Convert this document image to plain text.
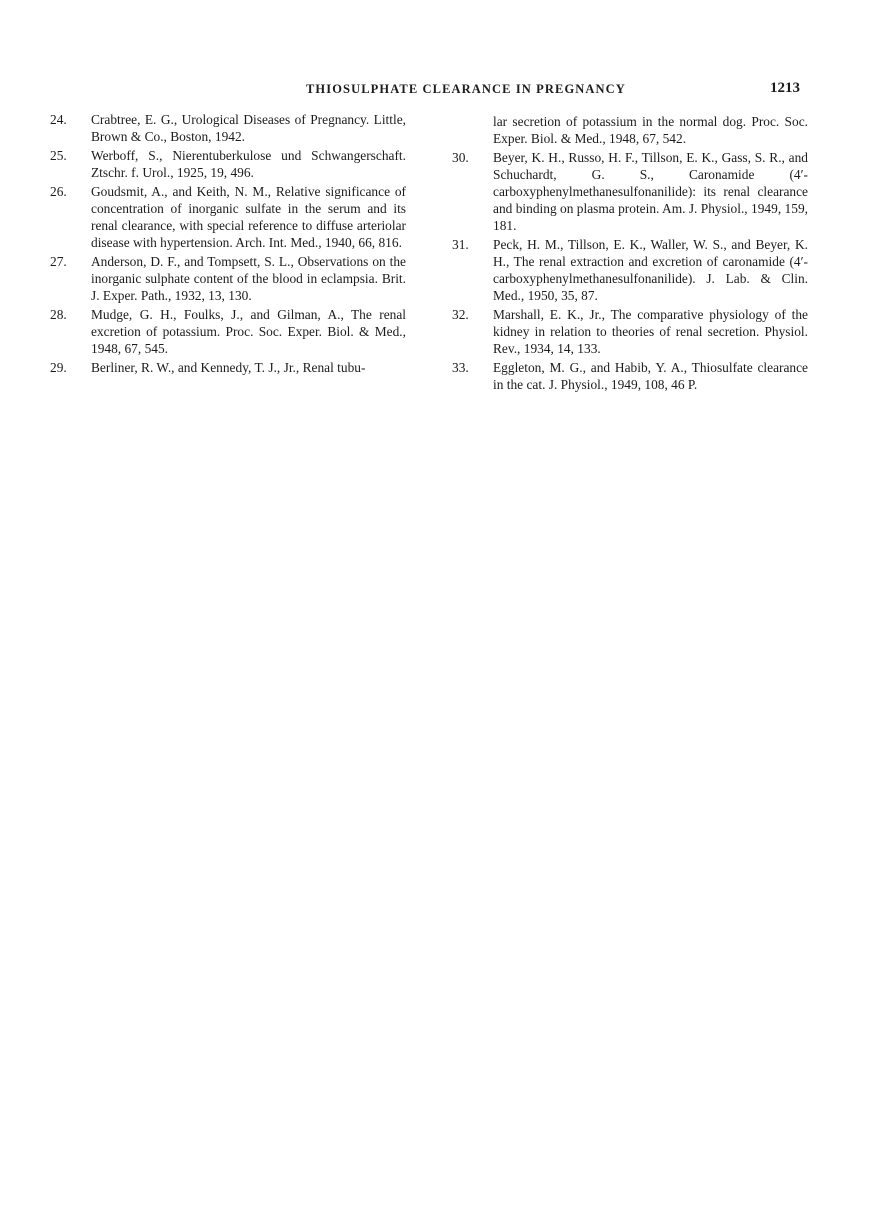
THIOSULPHATE CLEARANCE IN PREGNANCY	1213
24.	Crabtree, E. G., Urological Diseases of Pregnancy. Little, Brown & Co., Boston, 1942.
25.	Werboff, S., Nierentuberkulose und Schwangerschaft. Ztschr. f. Urol., 1925, 19, 496.
26.	Goudsmit, A., and Keith, N. M., Relative significance of concentration of inorganic sulfate in the serum and its renal clearance, with special reference to diffuse arteriolar disease with hypertension. Arch. Int. Med., 1940, 66, 816.
27.	Anderson, D. F., and Tompsett, S. L., Observations on the inorganic sulphate content of the blood in eclampsia. Brit. J. Exper. Path., 1932, 13, 130.
28.	Mudge, G. H., Foulks, J., and Gilman, A., The renal excretion of potassium. Proc. Soc. Exper. Biol. & Med., 1948, 67, 545.
29.	Berliner, R. W., and Kennedy, T. J., Jr., Renal tubu-
lar secretion of potassium in the normal dog. Proc. Soc. Exper. Biol. & Med., 1948, 67, 542.
30.	Beyer, K. H., Russo, H. F., Tillson, E. K., Gass, S. R., and Schuchardt, G. S., Caronamide (4′-carboxyphenylmethanesulfonanilide): its renal clearance and binding on plasma protein. Am. J. Physiol., 1949, 159, 181.
31.	Peck, H. M., Tillson, E. K., Waller, W. S., and Beyer, K. H., The renal extraction and excretion of caronamide (4′-carboxyphenylmethanesulfonanilide). J. Lab. & Clin. Med., 1950, 35, 87.
32.	Marshall, E. K., Jr., The comparative physiology of the kidney in relation to theories of renal secretion. Physiol. Rev., 1934, 14, 133.
33.	Eggleton, M. G., and Habib, Y. A., Thiosulfate clearance in the cat. J. Physiol., 1949, 108, 46 P.
